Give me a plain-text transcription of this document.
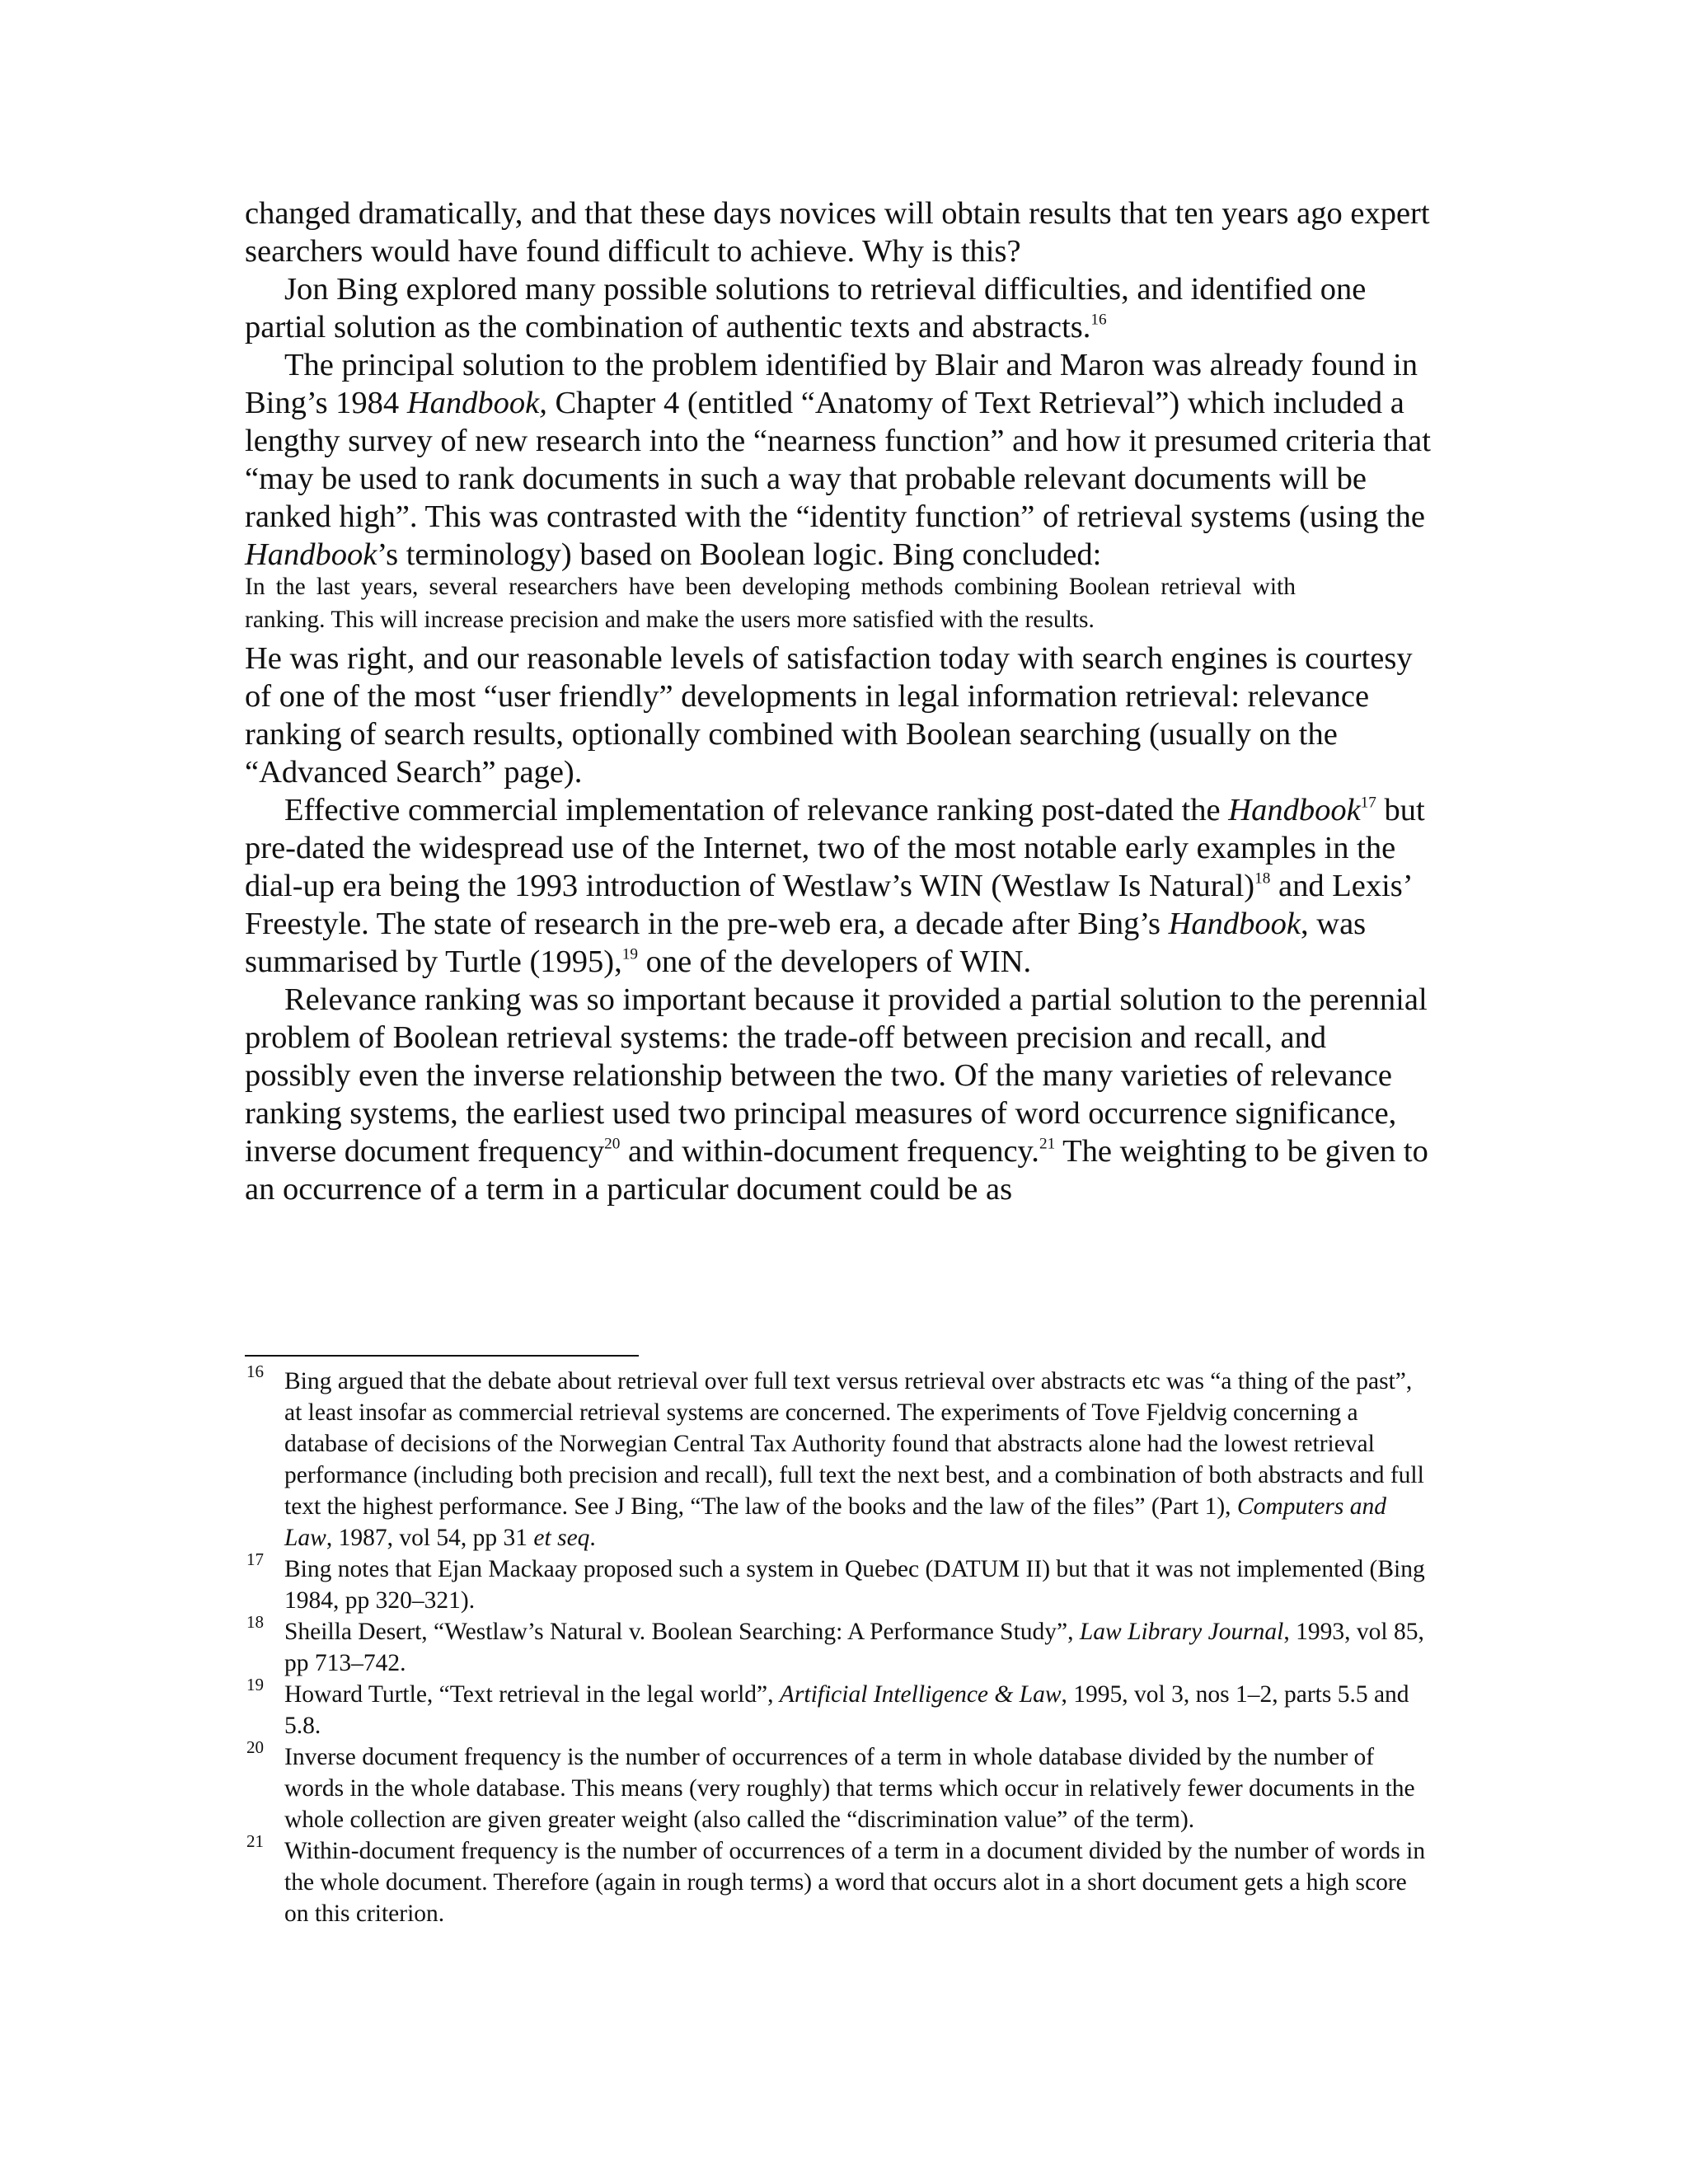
changed dramatically, and that these days novices will obtain results that ten years ago expert searchers would have found difficult to achieve. Why is this?

Jon Bing explored many possible solutions to retrieval difficulties, and identified one partial solution as the combination of authentic texts and abstracts.$^{16}$

The principal solution to the problem identified by Blair and Maron was already found in Bing’s 1984 Handbook, Chapter 4 (entitled “Anatomy of Text Retrieval”) which included a lengthy survey of new research into the “nearness function” and how it presumed criteria that “may be used to rank documents in such a way that probable relevant documents will be ranked high”. This was contrasted with the “identity function” of retrieval systems (using the Handbook’s terminology) based on Boolean logic. Bing concluded:

In the last years, several researchers have been developing methods combining Boolean retrieval with ranking. This will increase precision and make the users more satisfied with the results.

He was right, and our reasonable levels of satisfaction today with search engines is courtesy of one of the most “user friendly” developments in legal information retrieval: relevance ranking of search results, optionally combined with Boolean searching (usually on the “Advanced Search” page).

Effective commercial implementation of relevance ranking post-dated the Handbook$^{17}$ but pre-dated the widespread use of the Internet, two of the most notable early examples in the dial-up era being the 1993 introduction of Westlaw’s WIN (Westlaw Is Natural)$^{18}$ and Lexis’ Freestyle. The state of research in the pre-web era, a decade after Bing’s Handbook, was summarised by Turtle (1995),$^{19}$ one of the developers of WIN.

Relevance ranking was so important because it provided a partial solution to the perennial problem of Boolean retrieval systems: the trade-off between precision and recall, and possibly even the inverse relationship between the two. Of the many varieties of relevance ranking systems, the earliest used two principal measures of word occurrence significance, inverse document frequency$^{20}$ and within-document frequency.$^{21}$ The weighting to be given to an occurrence of a term in a particular document could be as

16 Bing argued that the debate about retrieval over full text versus retrieval over abstracts etc was “a thing of the past”, at least insofar as commercial retrieval systems are concerned. The experiments of Tove Fjeldvig concerning a database of decisions of the Norwegian Central Tax Authority found that abstracts alone had the lowest retrieval performance (including both precision and recall), full text the next best, and a combination of both abstracts and full text the highest performance. See J Bing, “The law of the books and the law of the files” (Part 1), Computers and Law, 1987, vol 54, pp 31 et seq.
17 Bing notes that Ejan Mackaay proposed such a system in Quebec (DATUM II) but that it was not implemented (Bing 1984, pp 320–321).
18 Sheilla Desert, “Westlaw’s Natural v. Boolean Searching: A Performance Study”, Law Library Journal, 1993, vol 85, pp 713–742.
19 Howard Turtle, “Text retrieval in the legal world”, Artificial Intelligence & Law, 1995, vol 3, nos 1–2, parts 5.5 and 5.8.
20 Inverse document frequency is the number of occurrences of a term in whole database divided by the number of words in the whole database. This means (very roughly) that terms which occur in relatively fewer documents in the whole collection are given greater weight (also called the “discrimination value” of the term).
21 Within-document frequency is the number of occurrences of a term in a document divided by the number of words in the whole document. Therefore (again in rough terms) a word that occurs alot in a short document gets a high score on this criterion.
